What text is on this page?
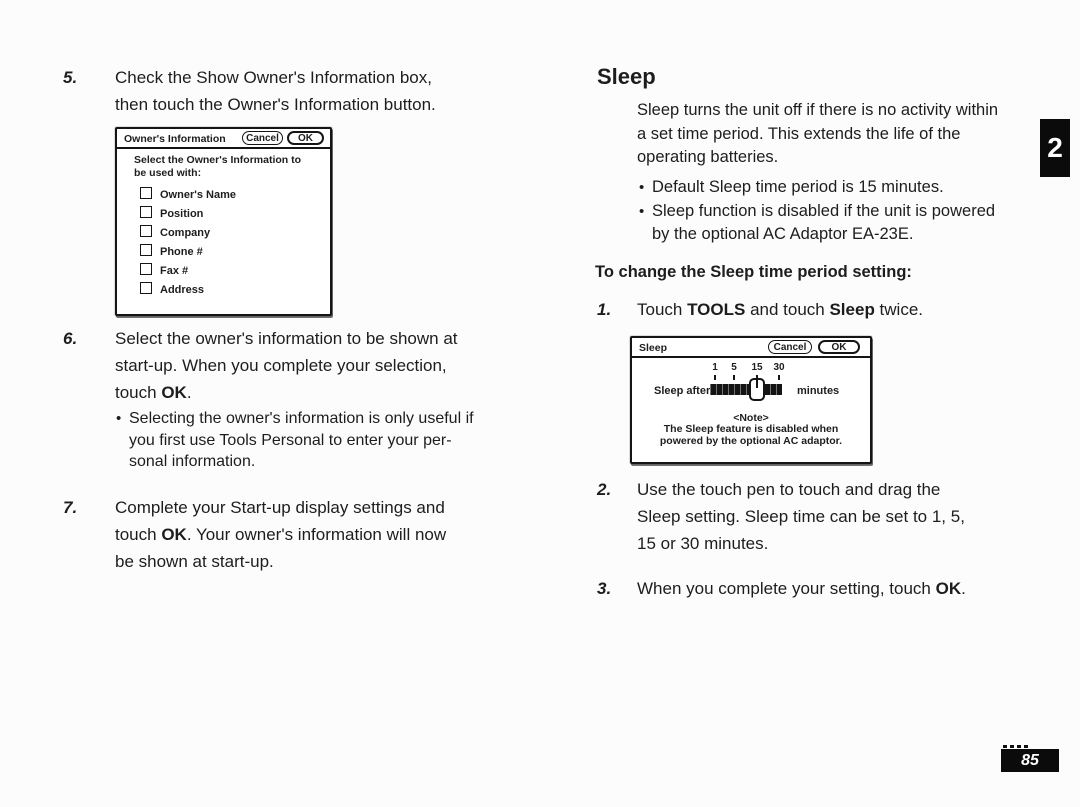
5. Check the Show Owner's Information box,
then touch the Owner's Information button.
Owner's Information	Cancel	OK
Select the Owner's Information to
be used with:
Owner's Name
Position
Company
Phone #
Fax #
Address
6. Select the owner's information to be shown at
start-up. When you complete your selection,
touch OK.
• Selecting the owner's information is only useful if
you first use Tools Personal to enter your per-
sonal information.
7. Complete your Start-up display settings and
touch OK. Your owner's information will now
be shown at start-up.
Sleep
Sleep turns the unit off if there is no activity within
a set time period. This extends the life of the
operating batteries.
• Default Sleep time period is 15 minutes.
• Sleep function is disabled if the unit is powered
by the optional AC Adaptor EA-23E.
To change the Sleep time period setting:
1. Touch TOOLS and touch Sleep twice.
Sleep	Cancel	OK
1 5 15 30
Sleep after	minutes
<Note>
The Sleep feature is disabled when
powered by the optional AC adaptor.
2. Use the touch pen to touch and drag the
Sleep setting. Sleep time can be set to 1, 5,
15 or 30 minutes.
3. When you complete your setting, touch OK.
2
85
